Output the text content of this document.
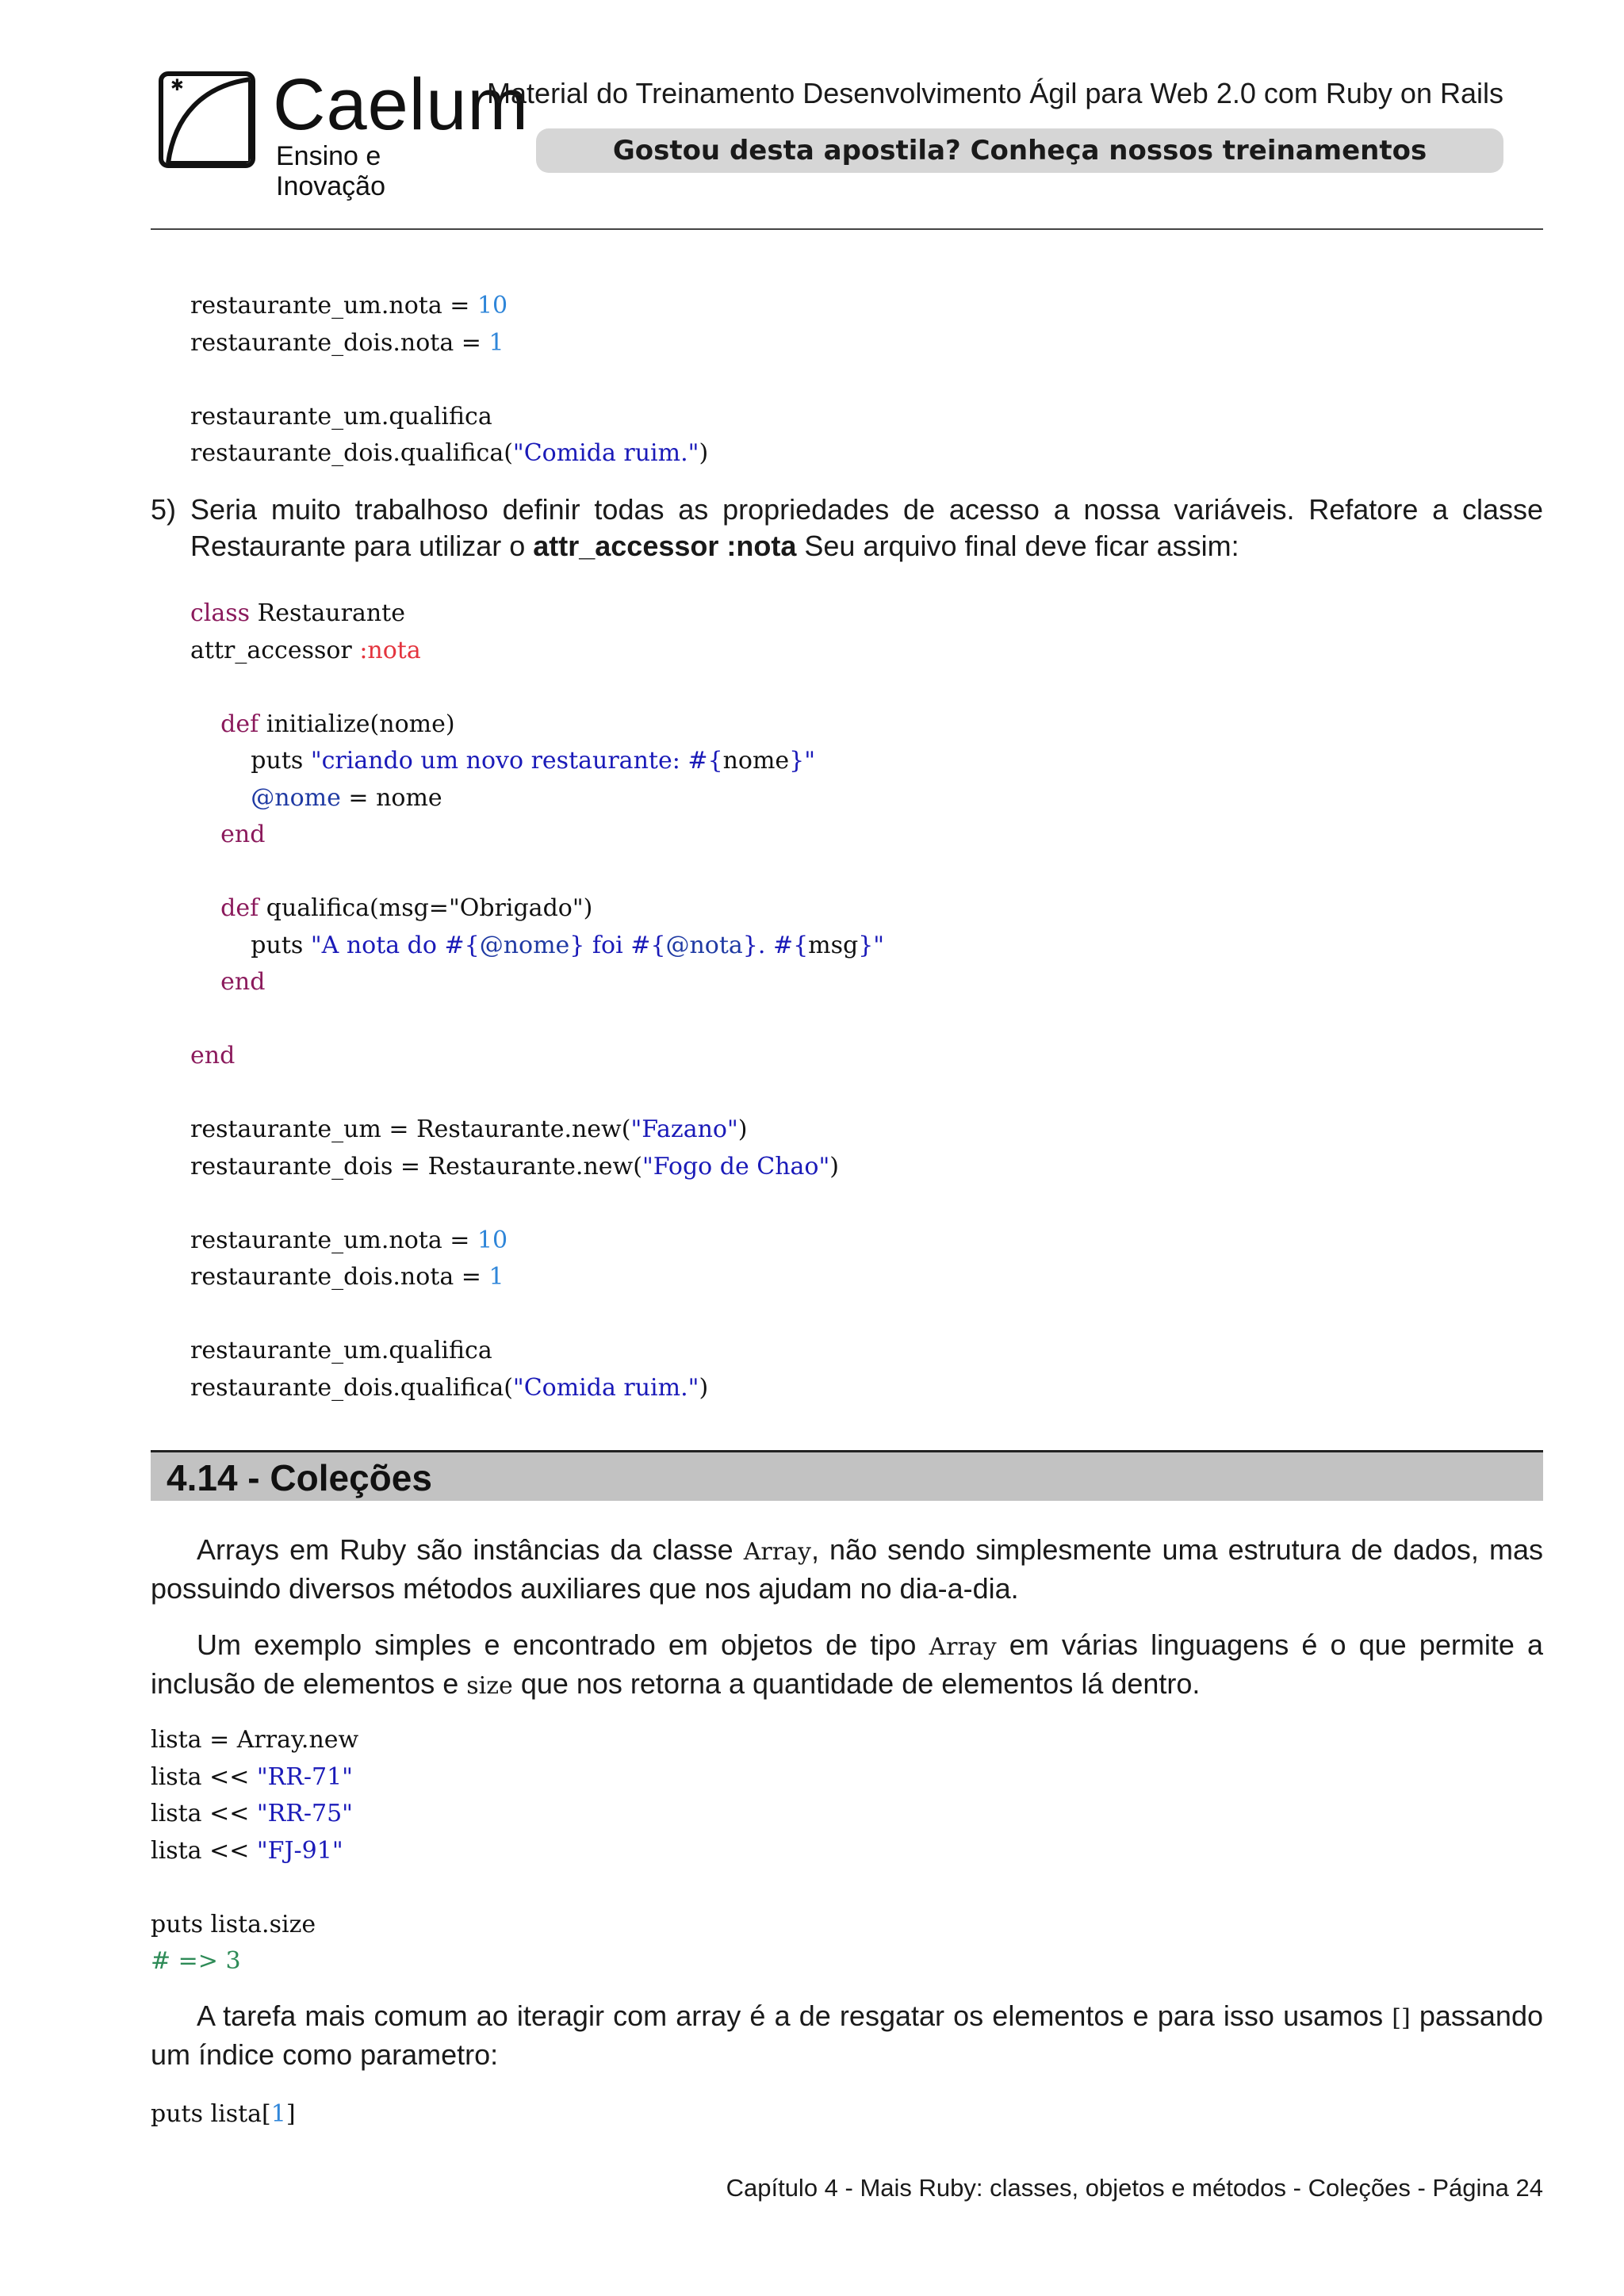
✱ Caelum
Ensino e Inovação
Material do Treinamento Desenvolvimento Ágil para Web 2.0 com Ruby on Rails
Gostou desta apostila? Conheça nossos treinamentos
restaurante_um.nota = 10
restaurante_dois.nota = 1

restaurante_um.qualifica
restaurante_dois.qualifica("Comida ruim.")
5) Seria muito trabalhoso definir todas as propriedades de acesso a nossa variáveis. Refatore a classe Restaurante para utilizar o attr_accessor :nota Seu arquivo final deve ficar assim:
class Restaurante
attr_accessor :nota

def initialize(nome)
puts "criando um novo restaurante: #{nome}"
@nome = nome
end

def qualifica(msg="Obrigado")
puts "A nota do #{@nome} foi #{@nota}. #{msg}"
end

end

restaurante_um = Restaurante.new("Fazano")
restaurante_dois = Restaurante.new("Fogo de Chao")

restaurante_um.nota = 10
restaurante_dois.nota = 1

restaurante_um.qualifica
restaurante_dois.qualifica("Comida ruim.")
4.14 - Coleções
Arrays em Ruby são instâncias da classe Array, não sendo simplesmente uma estrutura de dados, mas possuindo diversos métodos auxiliares que nos ajudam no dia-a-dia.
Um exemplo simples e encontrado em objetos de tipo Array em várias linguagens é o que permite a inclusão de elementos e size que nos retorna a quantidade de elementos lá dentro.
lista = Array.new
lista << "RR-71"
lista << "RR-75"
lista << "FJ-91"

puts lista.size
# => 3
A tarefa mais comum ao iteragir com array é a de resgatar os elementos e para isso usamos [] passando um índice como parametro:
puts lista[1]
Capítulo 4 - Mais Ruby: classes, objetos e métodos - Coleções - Página 24
